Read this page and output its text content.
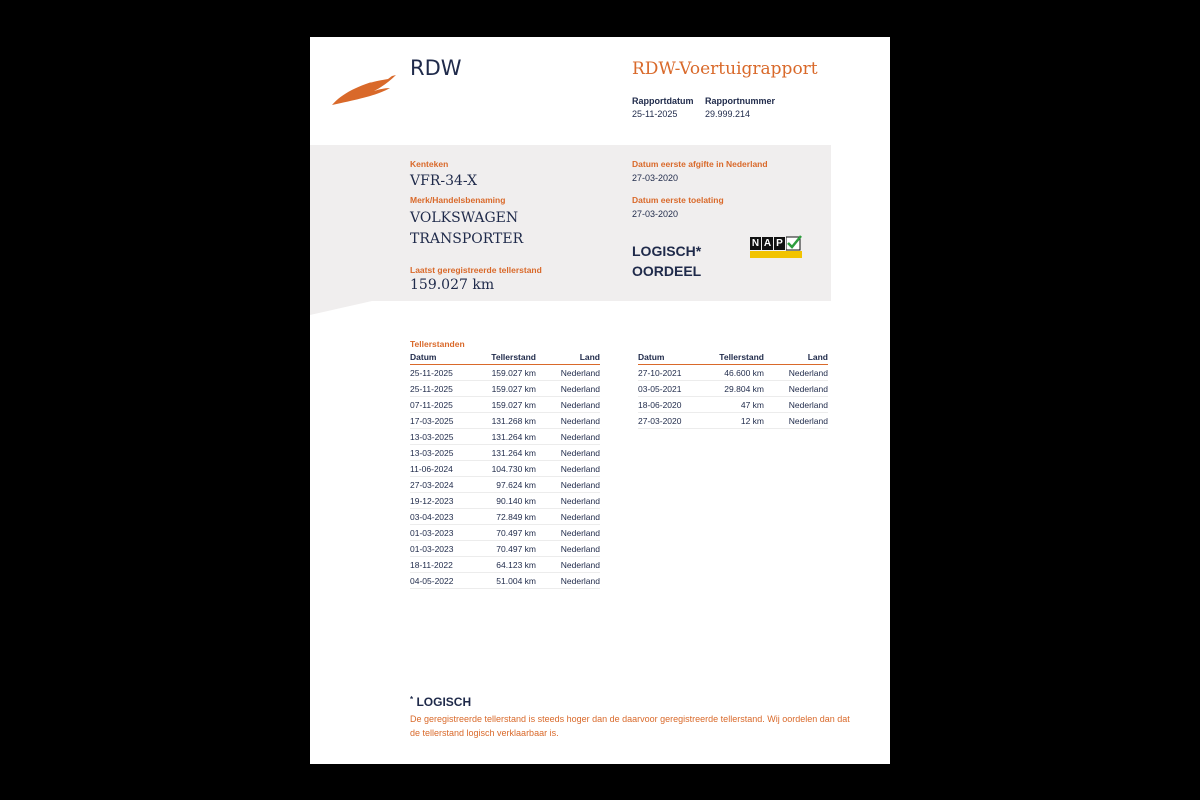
RDW	RDW-Voertuigrapport
Rapportdatum
25-11-2025
Rapportnummer
29.999.214
Kenteken
VFR-34-X
Merk/Handelsbenaming
VOLKSWAGEN
TRANSPORTER
Laatst geregistreerde tellerstand
159.027 km
Datum eerste afgifte in Nederland
27-03-2020
Datum eerste toelating
27-03-2020
LOGISCH*
OORDEEL
N A P
Tellerstanden
Datum	Tellerstand	Land
25-11-2025	159.027 km	Nederland
25-11-2025	159.027 km	Nederland
07-11-2025	159.027 km	Nederland
17-03-2025	131.268 km	Nederland
13-03-2025	131.264 km	Nederland
13-03-2025	131.264 km	Nederland
11-06-2024	104.730 km	Nederland
27-03-2024	97.624 km	Nederland
19-12-2023	90.140 km	Nederland
03-04-2023	72.849 km	Nederland
01-03-2023	70.497 km	Nederland
01-03-2023	70.497 km	Nederland
18-11-2022	64.123 km	Nederland
04-05-2022	51.004 km	Nederland
Datum	Tellerstand	Land
27-10-2021	46.600 km	Nederland
03-05-2021	29.804 km	Nederland
18-06-2020	47 km	Nederland
27-03-2020	12 km	Nederland
* LOGISCH
De geregistreerde tellerstand is steeds hoger dan de daarvoor geregistreerde tellerstand. Wij oordelen dan dat de tellerstand logisch verklaarbaar is.
